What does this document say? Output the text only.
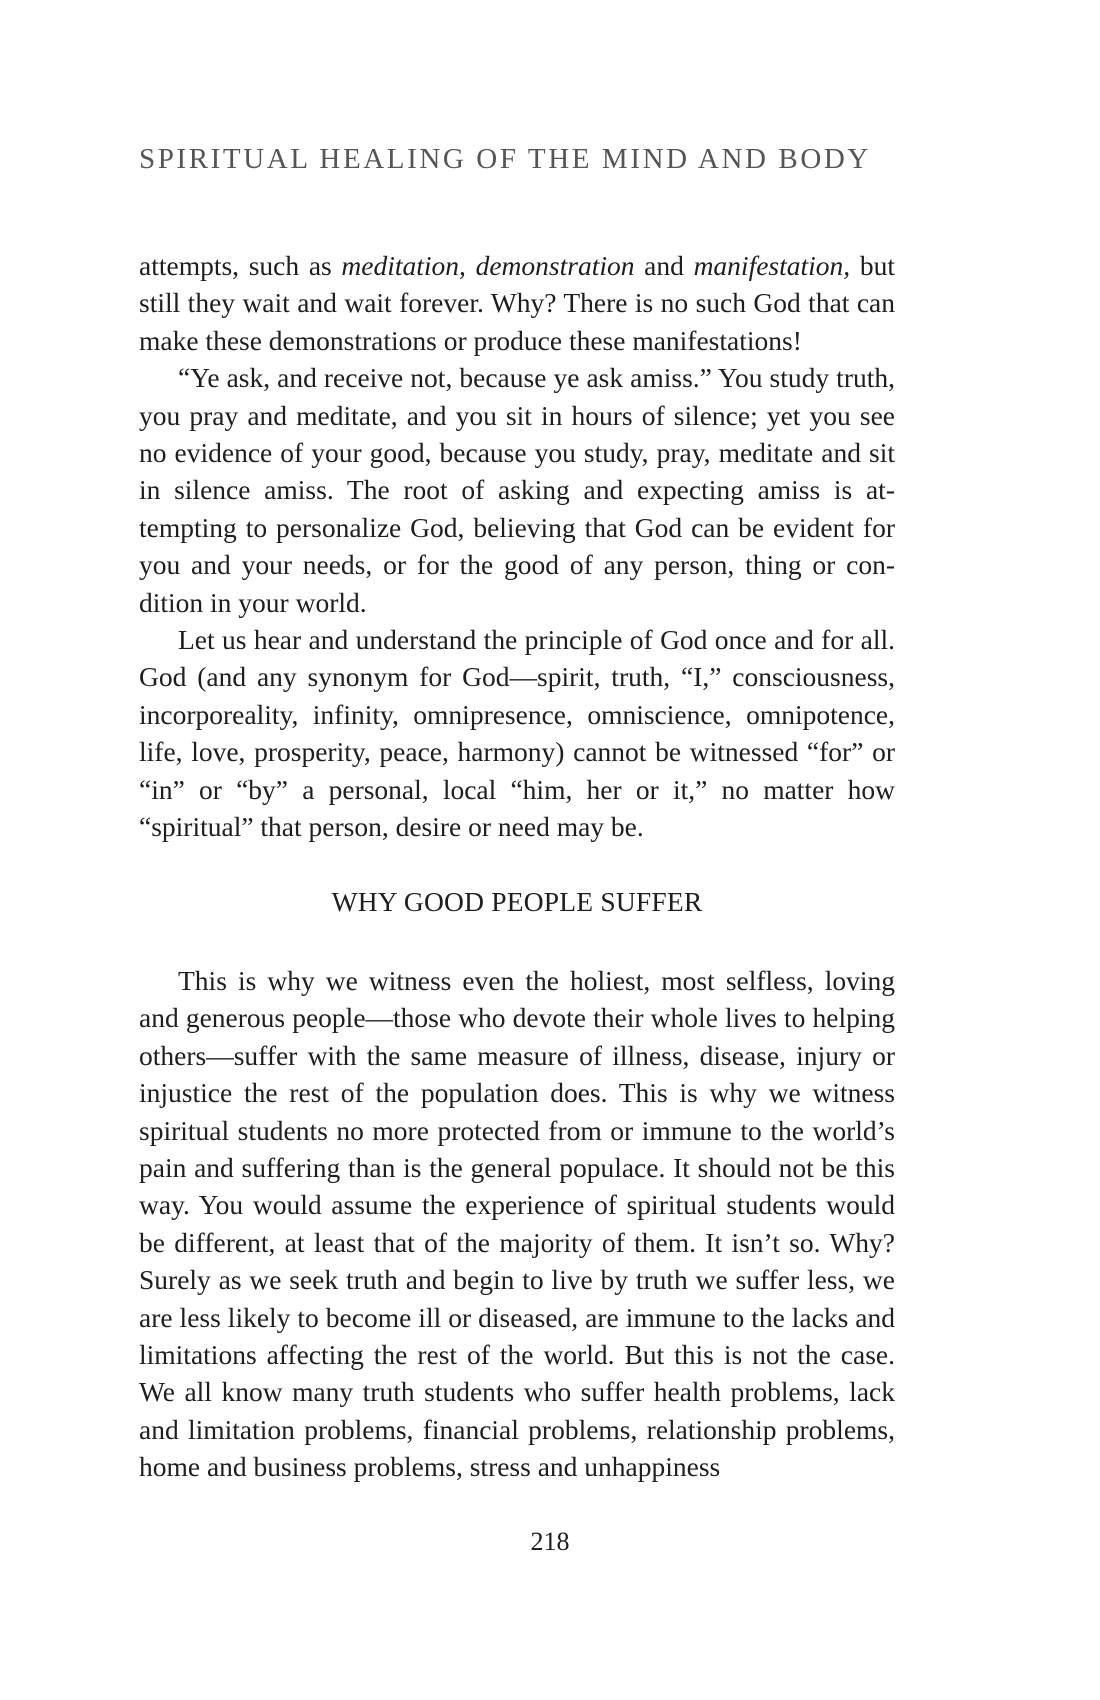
SPIRITUAL HEALING OF THE MIND AND BODY

attempts, such as meditation, demonstration and manifestation, but still they wait and wait forever. Why? There is no such God that can make these demonstrations or produce these manifestations!

“Ye ask, and receive not, because ye ask amiss.” You study truth, you pray and meditate, and you sit in hours of silence; yet you see no evidence of your good, because you study, pray, meditate and sit in silence amiss. The root of asking and expecting amiss is attempting to personalize God, believing that God can be evident for you and your needs, or for the good of any person, thing or condition in your world.

Let us hear and understand the principle of God once and for all. God (and any synonym for God—spirit, truth, “I,” consciousness, incorporeality, infinity, omnipresence, omniscience, omnipotence, life, love, prosperity, peace, harmony) cannot be witnessed “for” or “in” or “by” a personal, local “him, her or it,” no matter how “spiritual” that person, desire or need may be.

WHY GOOD PEOPLE SUFFER

This is why we witness even the holiest, most selfless, loving and generous people—those who devote their whole lives to helping others—suffer with the same measure of illness, disease, injury or injustice the rest of the population does. This is why we witness spiritual students no more protected from or immune to the world’s pain and suffering than is the general populace. It should not be this way. You would assume the experience of spiritual students would be different, at least that of the majority of them. It isn’t so. Why? Surely as we seek truth and begin to live by truth we suffer less, we are less likely to become ill or diseased, are immune to the lacks and limitations affecting the rest of the world. But this is not the case. We all know many truth students who suffer health problems, lack and limitation problems, financial problems, relationship problems, home and business problems, stress and unhappiness

218
